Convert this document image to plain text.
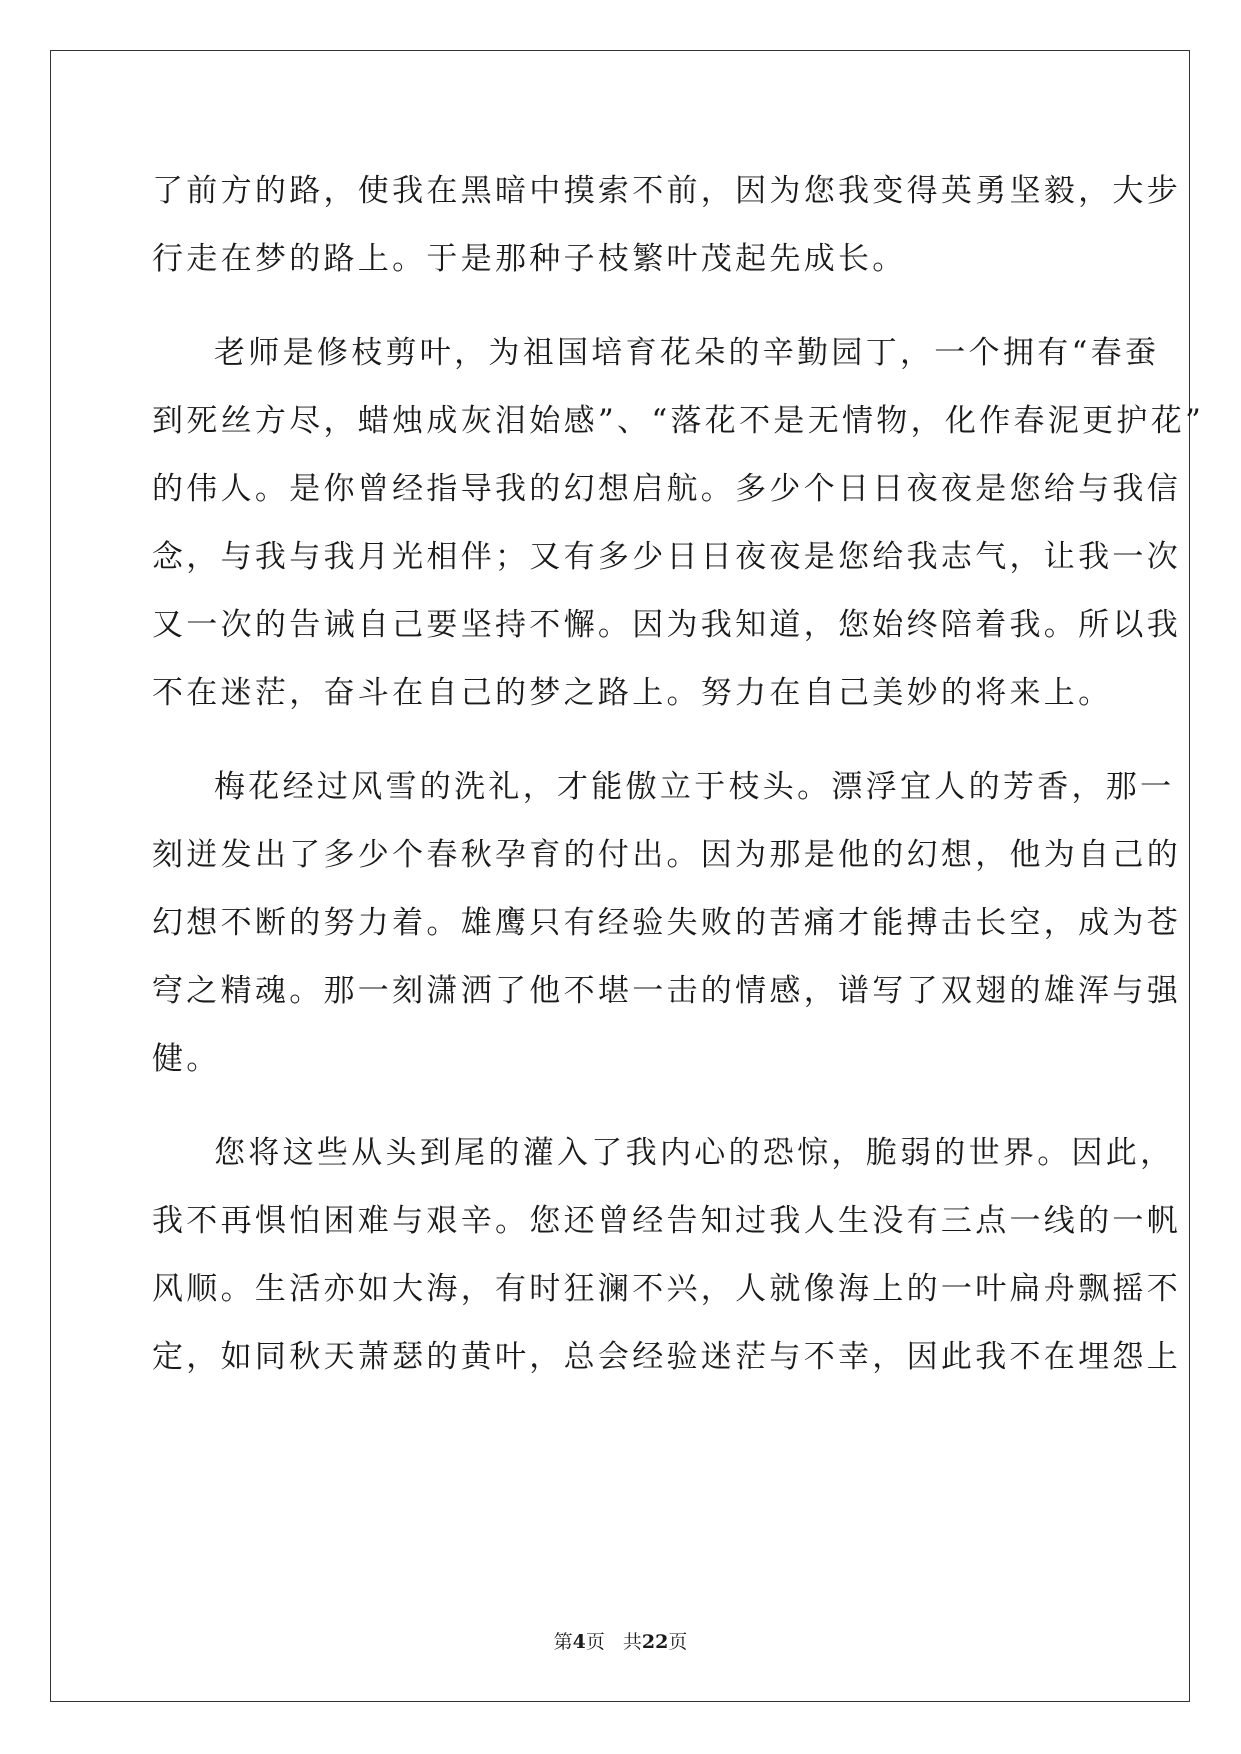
了前方的路，使我在黑暗中摸索不前，因为您我变得英勇坚毅，大步
行走在梦的路上。于是那种子枝繁叶茂起先成长。
老师是修枝剪叶，为祖国培育花朵的辛勤园丁，一个拥有“春蚕
到死丝方尽，蜡烛成灰泪始感”、“落花不是无情物，化作春泥更护花”
的伟人。是你曾经指导我的幻想启航。多少个日日夜夜是您给与我信
念，与我与我月光相伴；又有多少日日夜夜是您给我志气，让我一次
又一次的告诫自己要坚持不懈。因为我知道，您始终陪着我。所以我
不在迷茫，奋斗在自己的梦之路上。努力在自己美妙的将来上。
梅花经过风雪的洗礼，才能傲立于枝头。漂浮宜人的芳香，那一
刻迸发出了多少个春秋孕育的付出。因为那是他的幻想，他为自己的
幻想不断的努力着。雄鹰只有经验失败的苦痛才能搏击长空，成为苍
穹之精魂。那一刻潇洒了他不堪一击的情感，谱写了双翅的雄浑与强
健。
您将这些从头到尾的灌入了我内心的恐惊，脆弱的世界。因此，
我不再惧怕困难与艰辛。您还曾经告知过我人生没有三点一线的一帆
风顺。生活亦如大海，有时狂澜不兴，人就像海上的一叶扁舟飘摇不
定，如同秋天萧瑟的黄叶，总会经验迷茫与不幸，因此我不在埋怨上
第4页 共22页
